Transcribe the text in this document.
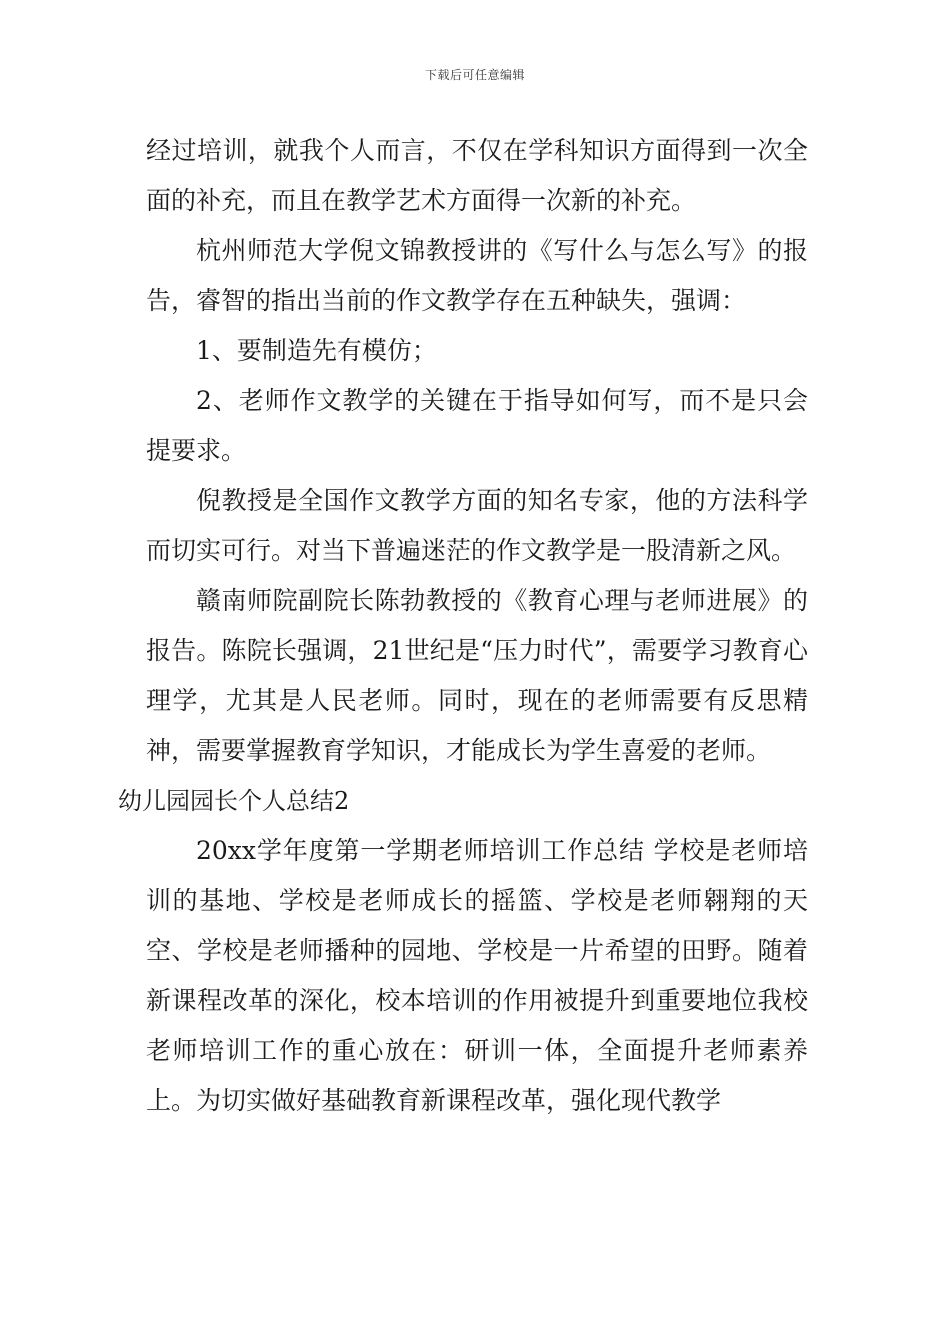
下载后可任意编辑

经过培训，就我个人而言，不仅在学科知识方面得到一次全面的补充，而且在教学艺术方面得一次新的补充。

杭州师范大学倪文锦教授讲的《写什么与怎么写》的报告，睿智的指出当前的作文教学存在五种缺失，强调：

1、要制造先有模仿；

2、老师作文教学的关键在于指导如何写，而不是只会提要求。

倪教授是全国作文教学方面的知名专家，他的方法科学而切实可行。对当下普遍迷茫的作文教学是一股清新之风。

赣南师院副院长陈勃教授的《教育心理与老师进展》的报告。陈院长强调，21世纪是“压力时代”，需要学习教育心理学，尤其是人民老师。同时，现在的老师需要有反思精神，需要掌握教育学知识，才能成长为学生喜爱的老师。

幼儿园园长个人总结2

20xx学年度第一学期老师培训工作总结 学校是老师培训的基地、学校是老师成长的摇篮、学校是老师翱翔的天空、学校是老师播种的园地、学校是一片希望的田野。随着新课程改革的深化，校本培训的作用被提升到重要地位我校老师培训工作的重心放在：研训一体，全面提升老师素养上。为切实做好基础教育新课程改革，强化现代教学
